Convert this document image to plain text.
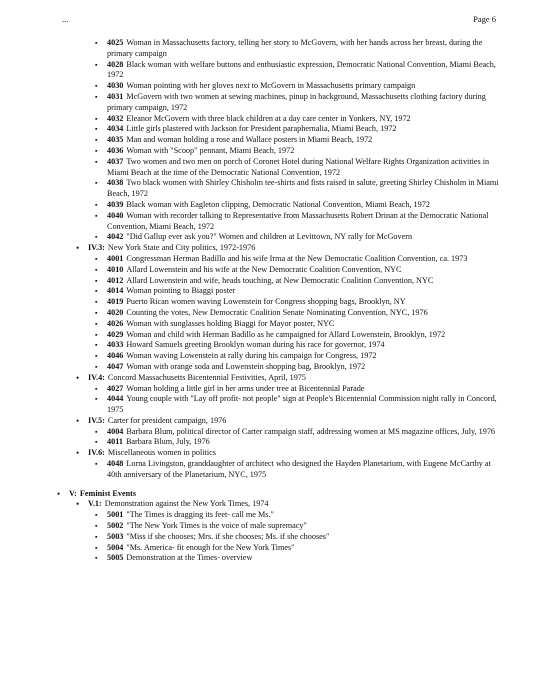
...	Page 6
▪ 4025 Woman in Massachusetts factory, telling her story to McGovern, with her hands across her breast, during the primary campaign
▪ 4028 Black woman with welfare buttons and enthusiastic expression, Democratic National Convention, Miami Beach, 1972
▪ 4030 Woman pointing with her gloves next to McGovern in Massachusetts primary campaign
▪ 4031 McGovern with two women at sewing machines, pinup in background, Massachusetts clothing factory during primary campaign, 1972
▪ 4032 Eleanor McGovern with three black children at a day care center in Yonkers, NY, 1972
▪ 4034 Little girls plastered with Jackson for President paraphernalia, Miami Beach, 1972
▪ 4035 Man and woman holding a rose and Wallace posters in Miami Beach, 1972
▪ 4036 Woman with "Scoop" pennant, Miami Beach, 1972
▪ 4037 Two women and two men on porch of Coronet Hotel during National Welfare Rights Organization activities in Miami Beach at the time of the Democratic National Convention, 1972
▪ 4038 Two black women with Shirley Chisholm tee-shirts and fists raised in salute, greeting Shirley Chisholm in Miami Beach, 1972
▪ 4039 Black woman with Eagleton clipping, Democratic National Convention, Miami Beach, 1972
▪ 4040 Woman with recorder talking to Representative from Massachusetts Robert Drinan at the Democratic National Convention, Miami Beach, 1972
▪ 4042 "Did Gallup ever ask you?" Women and children at Levittown, NY rally for McGovern
• IV.3: New York State and City politics, 1972-1976
▪ 4001 Congressman Herman Badillo and his wife Irma at the New Democratic Coalition Convention, ca. 1973
▪ 4010 Allard Lowenstein and his wife at the New Democratic Coalition Convention, NYC
▪ 4012 Allard Lowenstein and wife, heads touching, at New Democratic Coalition Convention, NYC
▪ 4014 Woman pointing to Biaggi poster
▪ 4019 Puerto Rican women waving Lowenstein for Congress shopping bags, Brooklyn, NY
▪ 4020 Counting the votes, New Democratic Coalition Senate Nominating Convention, NYC, 1976
▪ 4026 Woman with sunglasses holding Biaggi for Mayor poster, NYC
▪ 4029 Woman and child with Herman Badillo as he campaigned for Allard Lowenstein, Brooklyn, 1972
▪ 4033 Howard Samuels greeting Brooklyn woman during his race for governor, 1974
▪ 4046 Woman waving Lowenstein at rally during his campaign for Congress, 1972
▪ 4047 Woman with orange soda and Lowenstein shopping bag, Brooklyn, 1972
• IV.4: Concord Massachusetts Bicentennial Festivities, April, 1975
▪ 4027 Woman holding a little girl in her arms under tree at Bicentennial Parade
▪ 4044 Young couple with "Lay off profit- not people" sign at People's Bicentennial Commission night rally in Concord, 1975
• IV.5: Carter for president campaign, 1976
▪ 4004 Barbara Blum, political director of Carter campaign staff, addressing women at MS magazine offices, July, 1976
▪ 4011 Barbara Blum, July, 1976
• IV.6: Miscellaneous women in politics
▪ 4048 Lorna Livingston, granddaughter of architect who designed the Hayden Planetarium, with Eugene McCarthy at 40th anniversary of the Planetarium, NYC, 1975
• V: Feminist Events
• V.1: Demonstration against the New York Times, 1974
▪ 5001 "The Times is dragging its feet- call me Ms."
▪ 5002 "The New York Times is the voice of male supremacy"
▪ 5003 "Miss if she chooses; Mrs. if she chooses; Ms. if she chooses"
▪ 5004 "Ms. America- fit enough for the New York Times"
▪ 5005 Demonstration at the Times- overview
